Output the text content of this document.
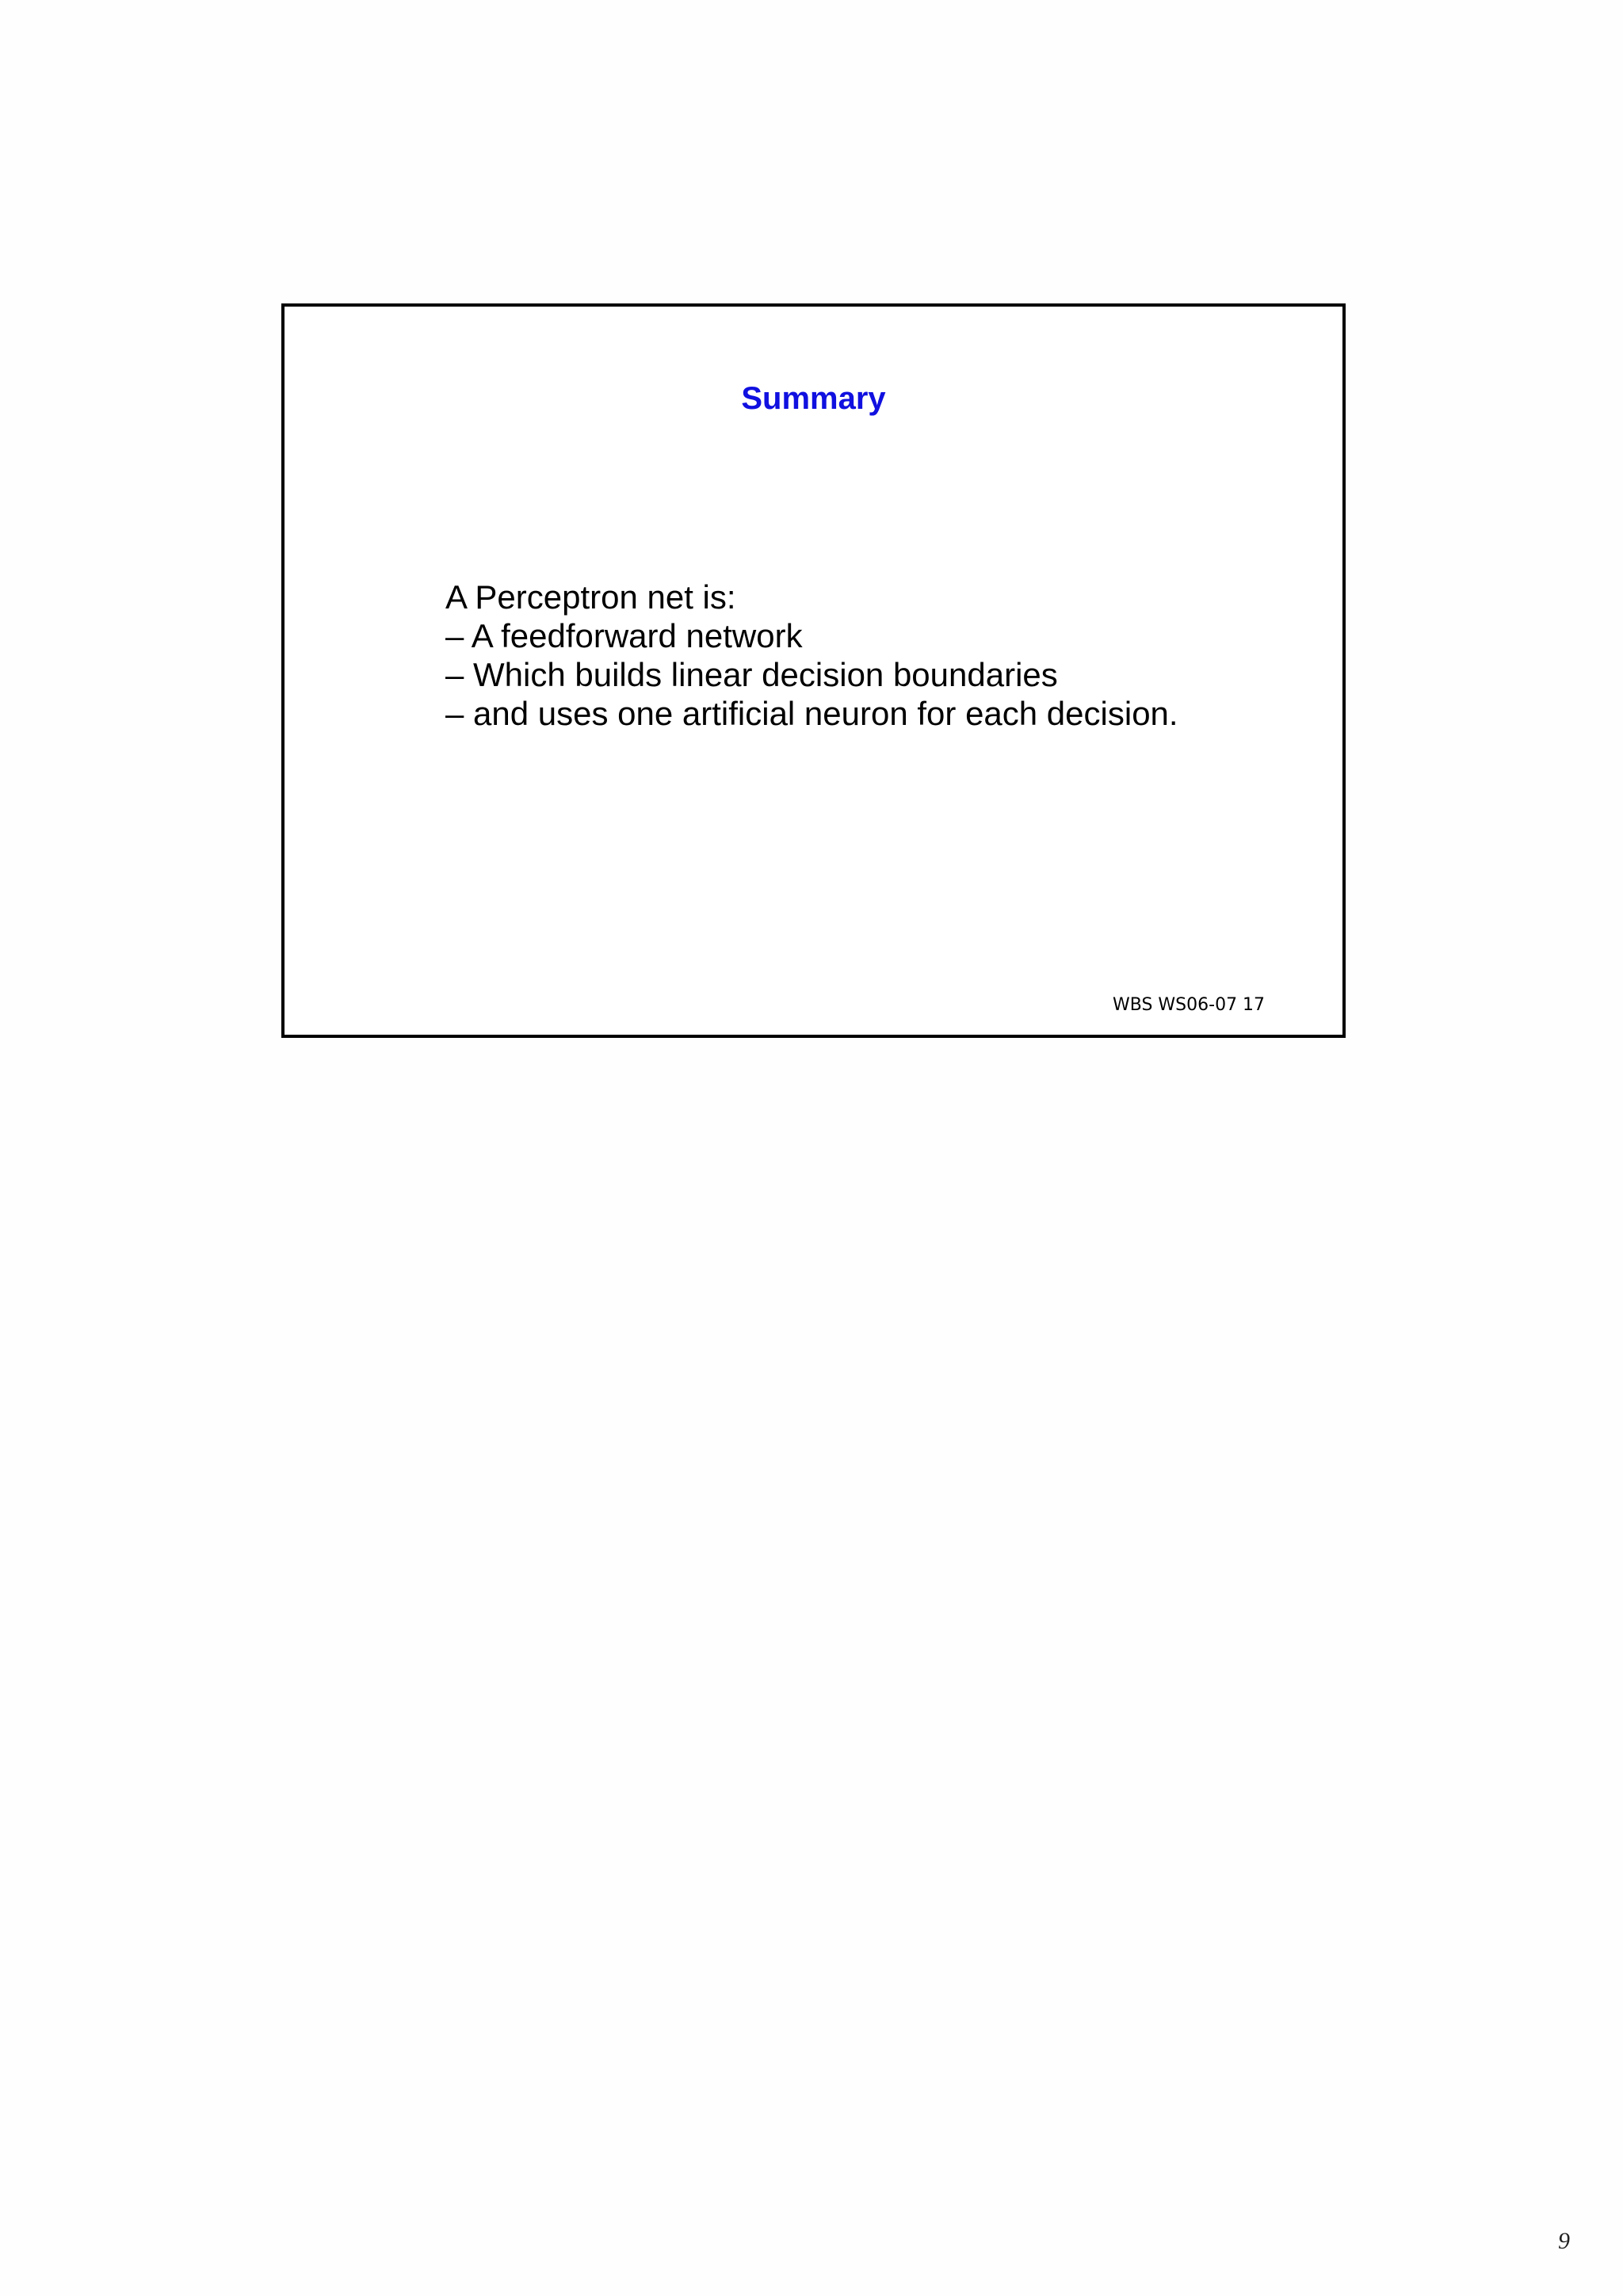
Summary
A Perceptron net is:
– A feedforward network
– Which builds linear decision boundaries
– and uses one artificial neuron for each decision.
WBS WS06-07 17
9
